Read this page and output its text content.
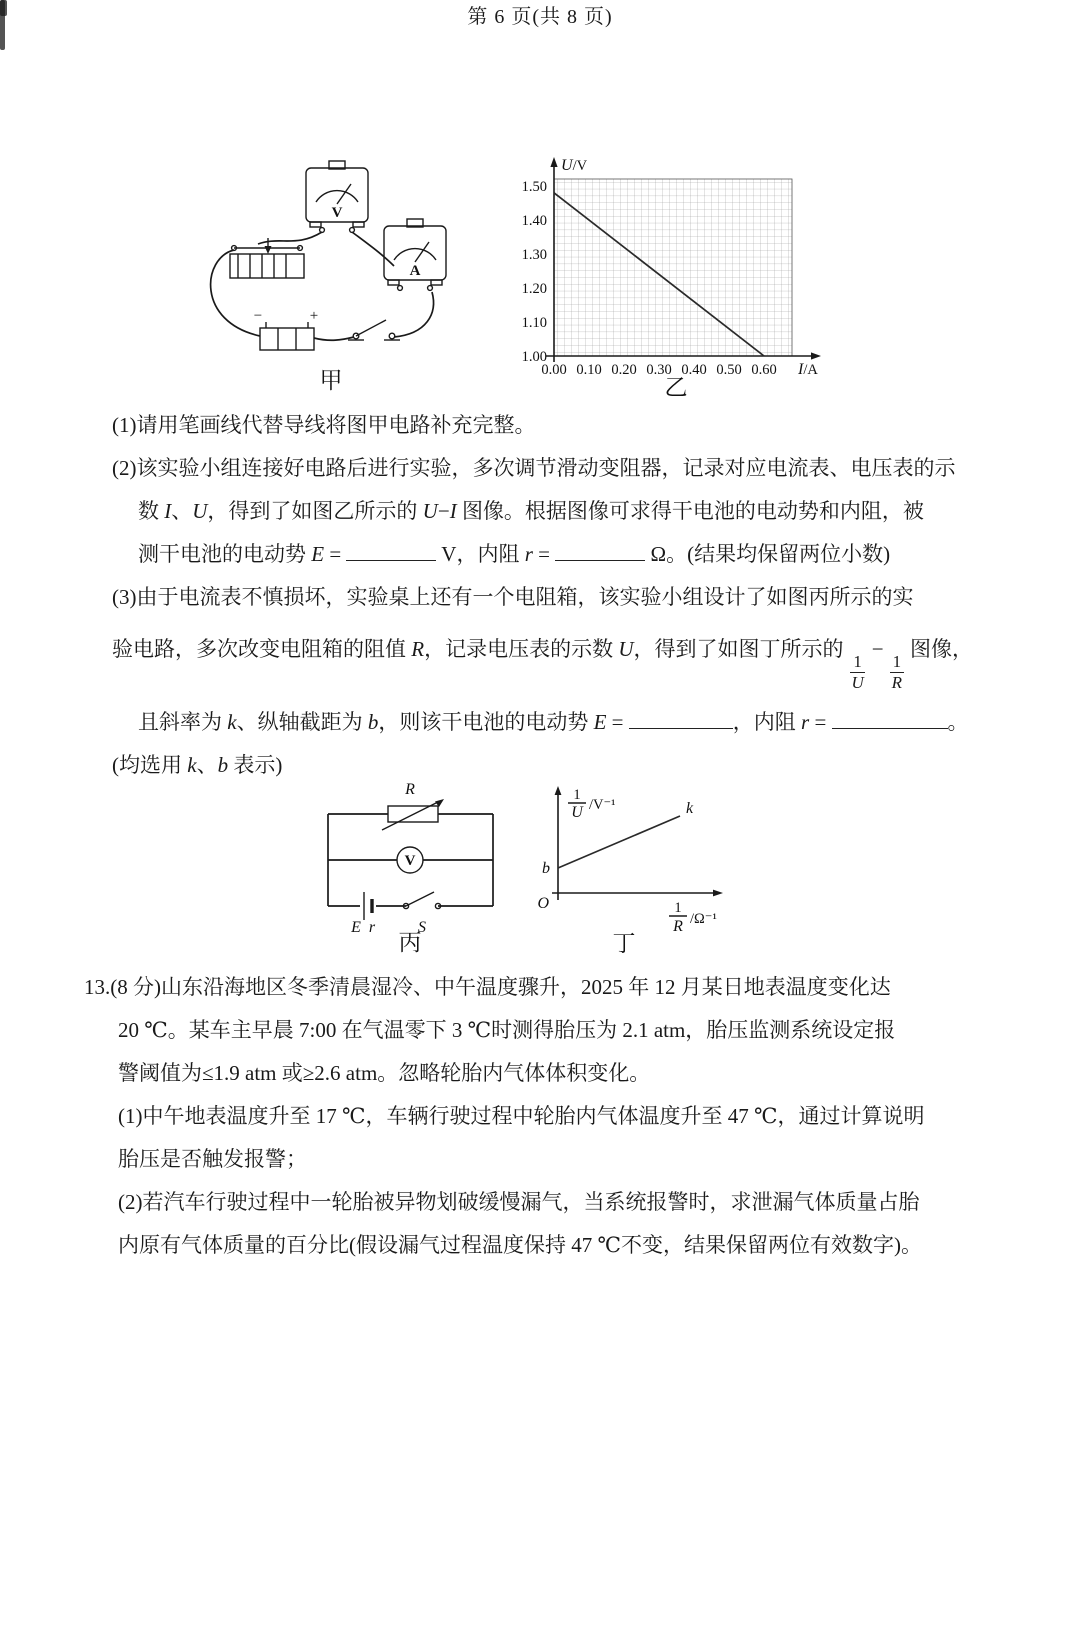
V
A
−	+
甲
U/V
I/A
乙
1.00
1.10
1.20
1.30
1.40
1.50
0.00 0.10 0.20 0.30 0.40 0.50 0.60
(1)请用笔画线代替导线将图甲电路补充完整。
(2)该实验小组连接好电路后进行实验，多次调节滑动变阻器，记录对应电流表、电压表的示
数 I、U，得到了如图乙所示的 U−I 图像。根据图像可求得干电池的电动势和内阻，被
测干电池的电动势 E =	V，内阻 r =	Ω。(结果均保留两位小数)
(3)由于电流表不慎损坏，实验桌上还有一个电阻箱，该实验小组设计了如图丙所示的实
验电路，多次改变电阻箱的阻值 R，记录电压表的示数 U，得到了如图丁所示的
$\frac{1}{U}$
−
$\frac{1}{R}$
图像，
且斜率为 k、纵轴截距为 b，则该干电池的电动势 E =	，内阻 r =	。
(均选用 k、b 表示)
R
V
E r	S
丙
k
b
O
1
U /V⁻¹
1
R /Ω⁻¹
丁
13.(8 分)山东沿海地区冬季清晨湿冷、中午温度骤升，2025 年 12 月某日地表温度变化达
20 ℃。某车主早晨 7:00 在气温零下 3 ℃时测得胎压为 2.1 atm，胎压监测系统设定报
警阈值为≤1.9 atm 或≥2.6 atm。忽略轮胎内气体体积变化。
(1)中午地表温度升至 17 ℃，车辆行驶过程中轮胎内气体温度升至 47 ℃，通过计算说明
胎压是否触发报警；
(2)若汽车行驶过程中一轮胎被异物划破缓慢漏气，当系统报警时，求泄漏气体质量占胎
内原有气体质量的百分比(假设漏气过程温度保持 47 ℃不变，结果保留两位有效数字)。
第 6 页(共 8 页)
